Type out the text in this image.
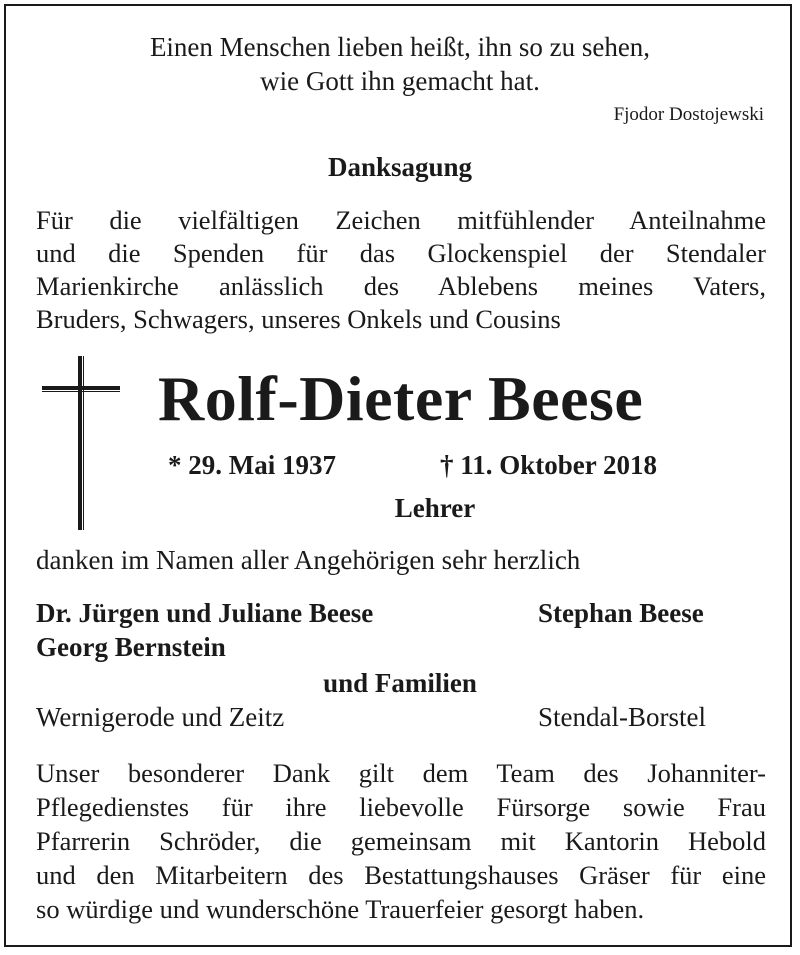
Einen Menschen lieben heißt, ihn so zu sehen,
wie Gott ihn gemacht hat.
Fjodor Dostojewski
Danksagung
Für die vielfältigen Zeichen mitfühlender Anteilnahme
und die Spenden für das Glockenspiel der Stendaler
Marienkirche anlässlich des Ablebens meines Vaters,
Bruders, Schwagers, unseres Onkels und Cousins
Rolf-Dieter Beese
* 29. Mai 1937	† 11. Oktober 2018
Lehrer
danken im Namen aller Angehörigen sehr herzlich
Dr. Jürgen und Juliane Beese
Georg Bernstein
Stephan Beese
und Familien
Wernigerode und Zeitz	Stendal-Borstel
Unser besonderer Dank gilt dem Team des Johanniter-
Pflegedienstes für ihre liebevolle Fürsorge sowie Frau
Pfarrerin Schröder, die gemeinsam mit Kantorin Hebold
und den Mitarbeitern des Bestattungshauses Gräser für eine
so würdige und wunderschöne Trauerfeier gesorgt haben.
